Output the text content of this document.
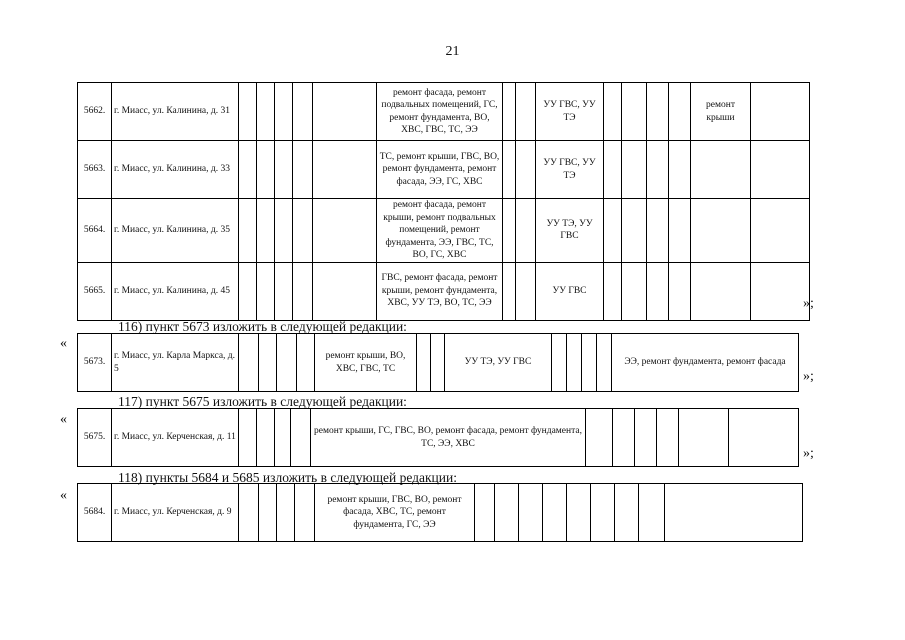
21
5662.	г. Миасс, ул. Калинина, д. 31						ремонт фасада, ремонт подвальных помещений, ГС, ремонт фундамента, ВО, ХВС, ГВС, ТС, ЭЭ			УУ ГВС, УУ ТЭ					ремонт крыши	
5663.	г. Миасс, ул. Калинина, д. 33						ТС, ремонт крыши, ГВС, ВО, ремонт фундамента, ремонт фасада, ЭЭ, ГС, ХВС			УУ ГВС, УУ ТЭ						
5664.	г. Миасс, ул. Калинина, д. 35						ремонт фасада, ремонт крыши, ремонт подвальных помещений, ремонт фундамента, ЭЭ, ГВС, ТС, ВО, ГС, ХВС			УУ ТЭ, УУ ГВС						
5665.	г. Миасс, ул. Калинина, д. 45						ГВС, ремонт фасада, ремонт крыши, ремонт фундамента, ХВС, УУ ТЭ, ВО, ТС, ЭЭ			УУ ГВС						
»;
116) пункт 5673 изложить в следующей редакции:
«
5673.	г. Миасс, ул. Карла Маркса, д. 5					ремонт крыши, ВО, ХВС, ГВС, ТС			УУ ТЭ, УУ ГВС					ЭЭ, ремонт фундамента, ремонт фасада
»;
117) пункт 5675 изложить в следующей редакции:
«
5675.	г. Миасс, ул. Керченская, д. 11					ремонт крыши, ГС, ГВС, ВО, ремонт фасада, ремонт фундамента, ТС, ЭЭ, ХВС						
»;
118) пункты 5684 и 5685 изложить в следующей редакции:
«
5684.	г. Миасс, ул. Керченская, д. 9					ремонт крыши, ГВС, ВО, ремонт фасада, ХВС, ТС, ремонт фундамента, ГС, ЭЭ									
